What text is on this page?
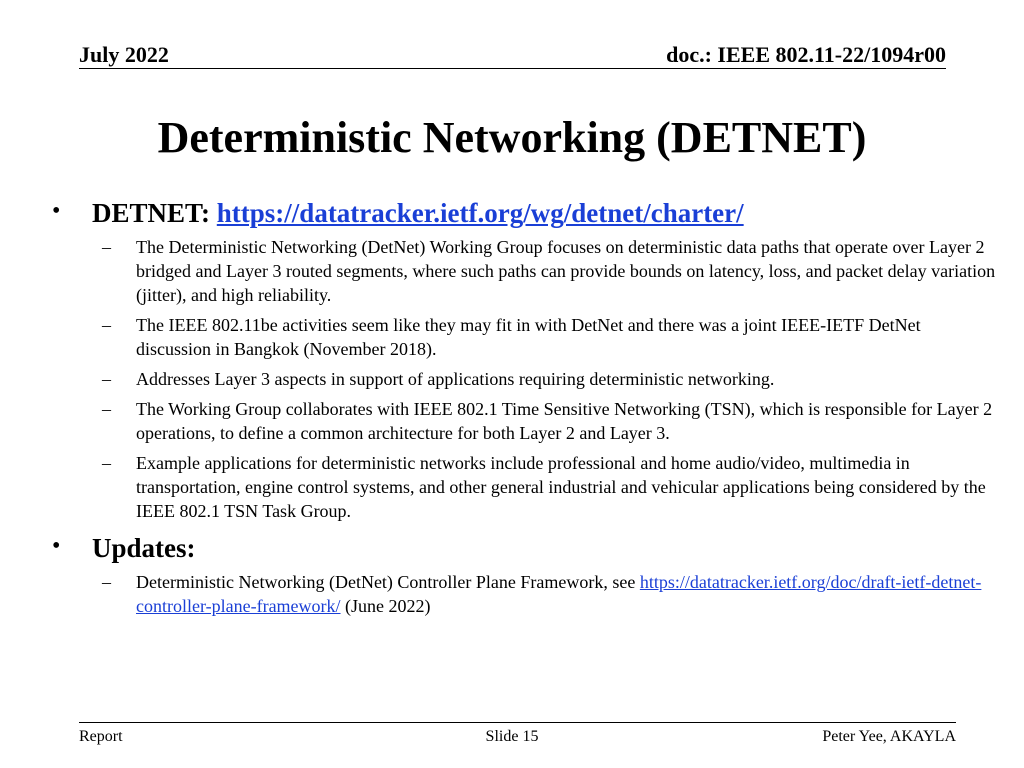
July 2022	doc.: IEEE 802.11-22/1094r00
Deterministic Networking (DETNET)

• DETNET: https://datatracker.ietf.org/wg/detnet/charter/

– The Deterministic Networking (DetNet) Working Group focuses on deterministic data paths that operate over Layer 2 bridged and Layer 3 routed segments, where such paths can provide bounds on latency, loss, and packet delay variation (jitter), and high reliability.
– The IEEE 802.11be activities seem like they may fit in with DetNet and there was a joint IEEE-IETF DetNet discussion in Bangkok (November 2018).
– Addresses Layer 3 aspects in support of applications requiring deterministic networking.
– The Working Group collaborates with IEEE 802.1 Time Sensitive Networking (TSN), which is responsible for Layer 2 operations, to define a common architecture for both Layer 2 and Layer 3.
– Example applications for deterministic networks include professional and home audio/video, multimedia in transportation, engine control systems, and other general industrial and vehicular applications being considered by the IEEE 802.1 TSN Task Group.

• Updates:

– Deterministic Networking (DetNet) Controller Plane Framework, see https://datatracker.ietf.org/doc/draft-ietf-detnet-controller-plane-framework/ (June 2022)
Report	Slide 15	Peter Yee, AKAYLA
